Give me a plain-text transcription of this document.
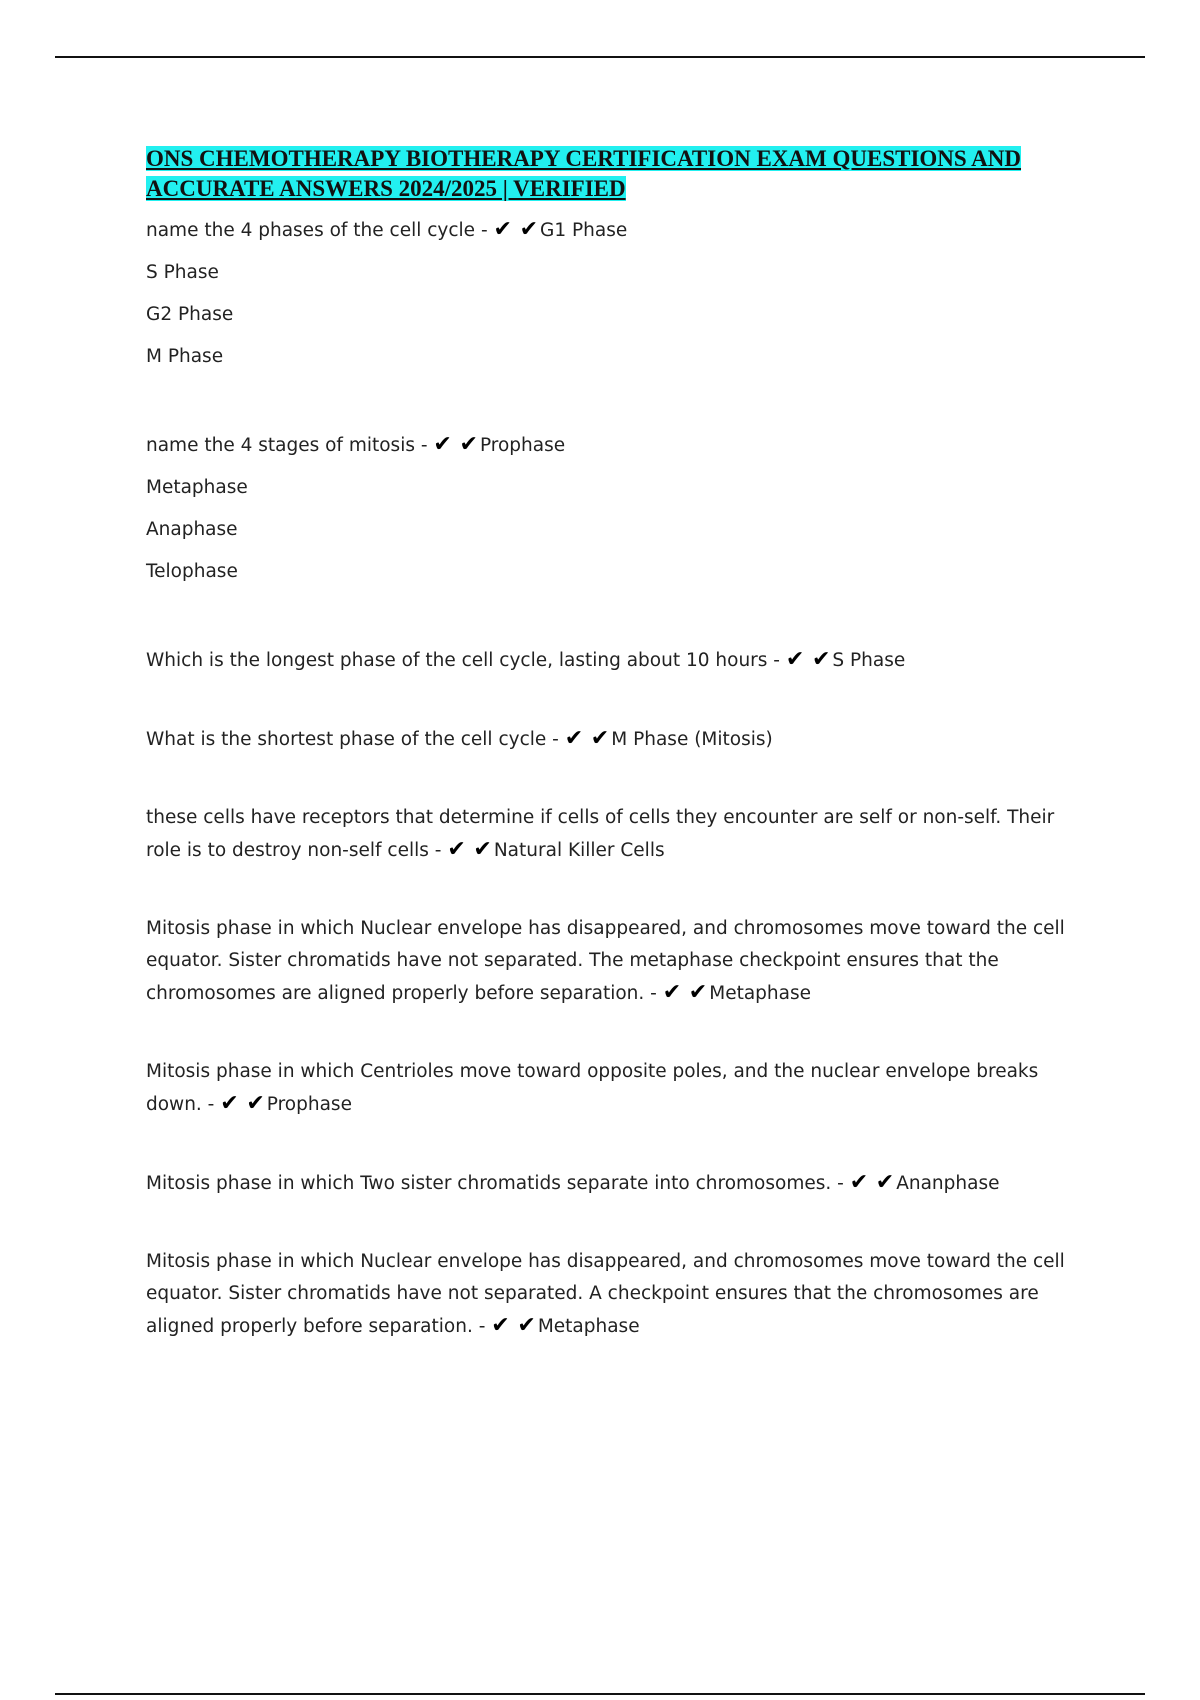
ONS CHEMOTHERAPY BIOTHERAPY CERTIFICATION EXAM QUESTIONS AND ACCURATE ANSWERS 2024/2025 | VERIFIED

name the 4 phases of the cell cycle - ✔ ✔ G1 Phase

S Phase

G2 Phase

M Phase

name the 4 stages of mitosis - ✔ ✔ Prophase

Metaphase

Anaphase

Telophase

Which is the longest phase of the cell cycle, lasting about 10 hours - ✔ ✔ S Phase

What is the shortest phase of the cell cycle - ✔ ✔ M Phase (Mitosis)

these cells have receptors that determine if cells of cells they encounter are self or non-self. Their role is to destroy non-self cells - ✔ ✔ Natural Killer Cells

Mitosis phase in which Nuclear envelope has disappeared, and chromosomes move toward the cell equator. Sister chromatids have not separated. The metaphase checkpoint ensures that the chromosomes are aligned properly before separation. - ✔ ✔ Metaphase

Mitosis phase in which Centrioles move toward opposite poles, and the nuclear envelope breaks down. - ✔ ✔ Prophase

Mitosis phase in which Two sister chromatids separate into chromosomes. - ✔ ✔ Ananphase

Mitosis phase in which Nuclear envelope has disappeared, and chromosomes move toward the cell equator. Sister chromatids have not separated. A checkpoint ensures that the chromosomes are aligned properly before separation. - ✔ ✔ Metaphase
